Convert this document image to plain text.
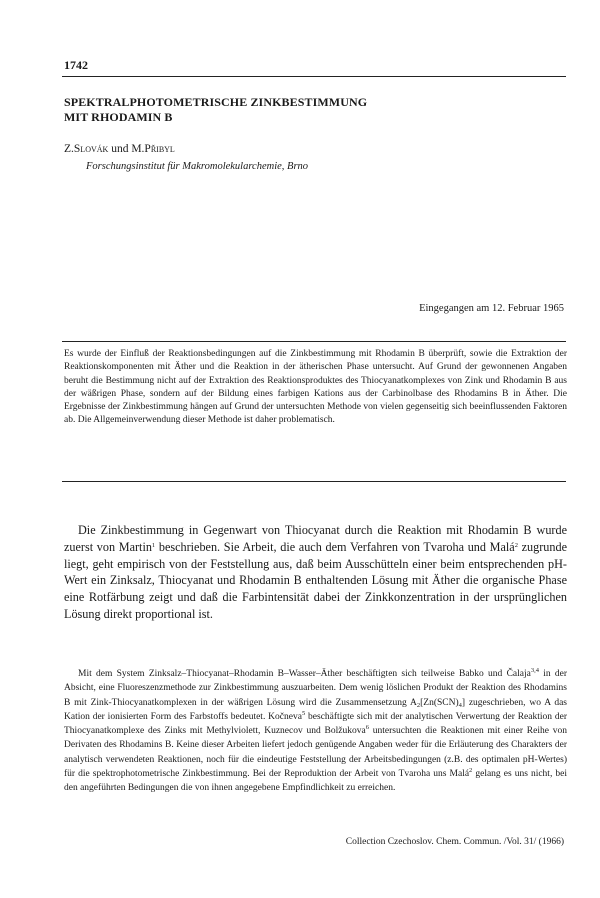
1742
SPEKTRALPHOTOMETRISCHE ZINKBESTIMMUNG
MIT RHODAMIN B
Z.Slovák und M.Přibyl
Forschungsinstitut für Makromolekularchemie, Brno
Eingegangen am 12. Februar 1965

Es wurde der Einfluß der Reaktionsbedingungen auf die Zinkbestimmung mit Rhodamin B überprüft, sowie die Extraktion der Reaktionskomponenten mit Äther und die Reaktion in der ätherischen Phase untersucht. Auf Grund der gewonnenen Angaben beruht die Bestimmung nicht auf der Extraktion des Reaktionsproduktes des Thiocyanatkomplexes von Zink und Rhodamin B aus der wäßrigen Phase, sondern auf der Bildung eines farbigen Kations aus der Carbinolbase des Rhodamins B in Äther. Die Ergebnisse der Zinkbestimmung hängen auf Grund der untersuchten Methode von vielen gegenseitig sich beeinflussenden Faktoren ab. Die Allgemeinverwendung dieser Methode ist daher problematisch.

Die Zinkbestimmung in Gegenwart von Thiocyanat durch die Reaktion mit Rhodamin B wurde zuerst von Martin$^1$ beschrieben. Sie Arbeit, die auch dem Verfahren von Tvaroha und Malá$^2$ zugrunde liegt, geht empirisch von der Feststellung aus, daß beim Ausschütteln einer beim entsprechenden pH-Wert ein Zinksalz, Thiocyanat und Rhodamin B enthaltenden Lösung mit Äther die organische Phase eine Rotfärbung zeigt und daß die Farbintensität dabei der Zinkkonzentration in der ursprünglichen Lösung direkt proportional ist.

Mit dem System Zinksalz–Thiocyanat–Rhodamin B–Wasser–Äther beschäftigten sich teilweise Babko und Čalaja$^{3,4}$ in der Absicht, eine Fluoreszenzmethode zur Zinkbestimmung auszuarbeiten. Dem wenig löslichen Produkt der Reaktion des Rhodamins B mit Zink-Thiocyanatkomplexen in der wäßrigen Lösung wird die Zusammensetzung $A_2[Zn(SCN)_4]$ zugeschrieben, wo A das Kation der ionisierten Form des Farbstoffs bedeutet. Kočneva$^5$ beschäftigte sich mit der analytischen Verwertung der Reaktion der Thiocyanatkomplexe des Zinks mit Methylviolett, Kuznecov und Bolžukova$^6$ untersuchten die Reaktionen mit einer Reihe von Derivaten des Rhodamins B. Keine dieser Arbeiten liefert jedoch genügende Angaben weder für die Erläuterung des Charakters der analytisch verwendeten Reaktionen, noch für die eindeutige Feststellung der Arbeitsbedingungen (z.B. des optimalen pH-Wertes) für die spektrophotometrische Zinkbestimmung. Bei der Reproduktion der Arbeit von Tvaroha uns Malá$^2$ gelang es uns nicht, bei den angeführten Bedingungen die von ihnen angegebene Empfindlichkeit zu erreichen.

Collection Czechoslov. Chem. Commun. /Vol. 31/ (1966)
